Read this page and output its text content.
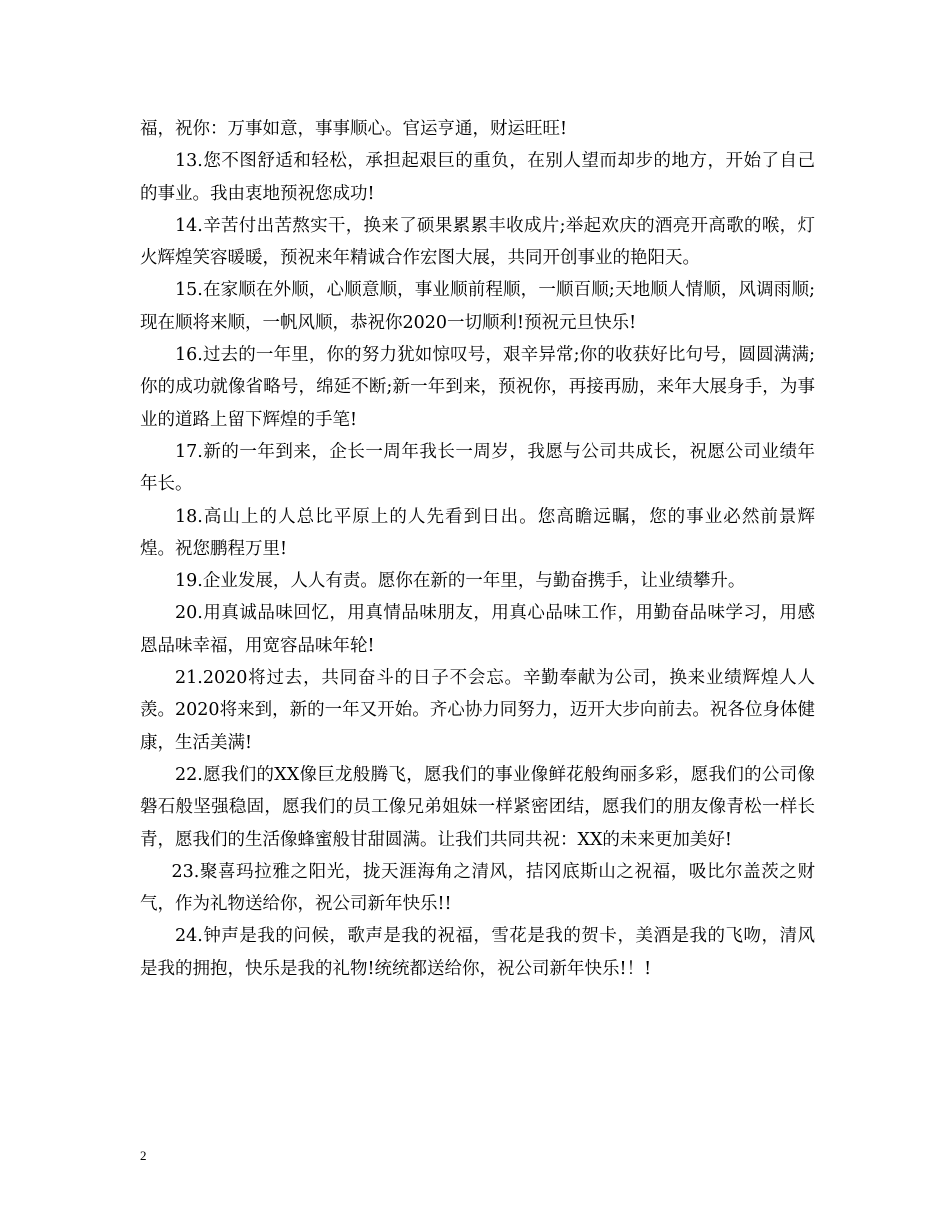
福，祝你：万事如意，事事顺心。官运亨通，财运旺旺!

13.您不图舒适和轻松，承担起艰巨的重负，在别人望而却步的地方，开始了自己的事业。我由衷地预祝您成功!

14.辛苦付出苦熬实干，换来了硕果累累丰收成片;举起欢庆的酒亮开高歌的喉，灯火辉煌笑容暖暖，预祝来年精诚合作宏图大展，共同开创事业的艳阳天。

15.在家顺在外顺，心顺意顺，事业顺前程顺，一顺百顺;天地顺人情顺，风调雨顺;现在顺将来顺，一帆风顺，恭祝你2020一切顺利!预祝元旦快乐!

16.过去的一年里，你的努力犹如惊叹号，艰辛异常;你的收获好比句号，圆圆满满;你的成功就像省略号，绵延不断;新一年到来，预祝你，再接再励，来年大展身手，为事业的道路上留下辉煌的手笔!

17.新的一年到来，企长一周年我长一周岁，我愿与公司共成长，祝愿公司业绩年年长。

18.高山上的人总比平原上的人先看到日出。您高瞻远瞩，您的事业必然前景辉煌。祝您鹏程万里!

19.企业发展，人人有责。愿你在新的一年里，与勤奋携手，让业绩攀升。

20.用真诚品味回忆，用真情品味朋友，用真心品味工作，用勤奋品味学习，用感恩品味幸福，用宽容品味年轮!

21.2020将过去，共同奋斗的日子不会忘。辛勤奉献为公司，换来业绩辉煌人人羡。2020将来到，新的一年又开始。齐心协力同努力，迈开大步向前去。祝各位身体健康，生活美满!

22.愿我们的XX像巨龙般腾飞，愿我们的事业像鲜花般绚丽多彩，愿我们的公司像磐石般坚强稳固，愿我们的员工像兄弟姐妹一样紧密团结，愿我们的朋友像青松一样长青，愿我们的生活像蜂蜜般甘甜圆满。让我们共同共祝：XX的未来更加美好!

23.聚喜玛拉雅之阳光，拢天涯海角之清风，拮冈底斯山之祝福，吸比尔盖茨之财气，作为礼物送给你，祝公司新年快乐!!

24.钟声是我的问候，歌声是我的祝福，雪花是我的贺卡，美酒是我的飞吻，清风是我的拥抱，快乐是我的礼物!统统都送给你，祝公司新年快乐!！!

2
